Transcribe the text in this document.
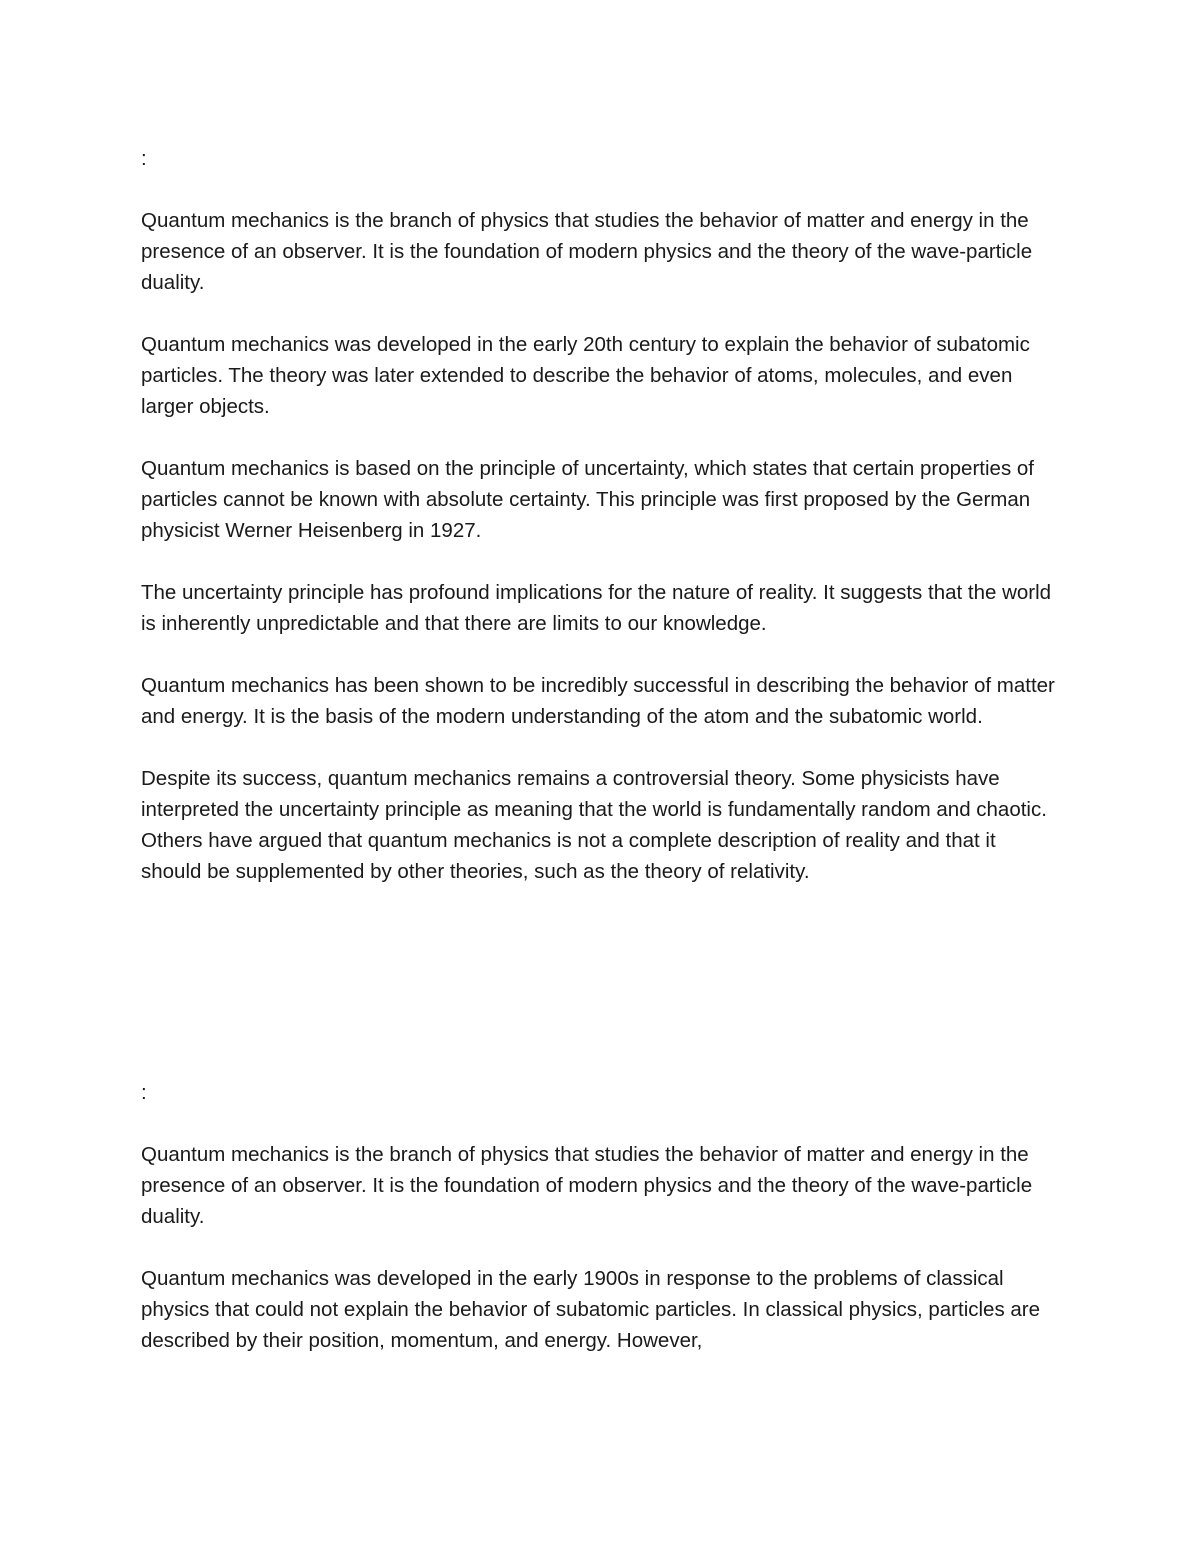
:

Quantum mechanics is the branch of physics that studies the behavior of matter and energy in the presence of an observer. It is the foundation of modern physics and the theory of the wave-particle duality.

Quantum mechanics was developed in the early 20th century to explain the behavior of subatomic particles. The theory was later extended to describe the behavior of atoms, molecules, and even larger objects.

Quantum mechanics is based on the principle of uncertainty, which states that certain properties of particles cannot be known with absolute certainty. This principle was first proposed by the German physicist Werner Heisenberg in 1927.

The uncertainty principle has profound implications for the nature of reality. It suggests that the world is inherently unpredictable and that there are limits to our knowledge.

Quantum mechanics has been shown to be incredibly successful in describing the behavior of matter and energy. It is the basis of the modern understanding of the atom and the subatomic world.

Despite its success, quantum mechanics remains a controversial theory. Some physicists have interpreted the uncertainty principle as meaning that the world is fundamentally random and chaotic. Others have argued that quantum mechanics is not a complete description of reality and that it should be supplemented by other theories, such as the theory of relativity.

:

Quantum mechanics is the branch of physics that studies the behavior of matter and energy in the presence of an observer. It is the foundation of modern physics and the theory of the wave-particle duality.

Quantum mechanics was developed in the early 1900s in response to the problems of classical physics that could not explain the behavior of subatomic particles. In classical physics, particles are described by their position, momentum, and energy. However,
